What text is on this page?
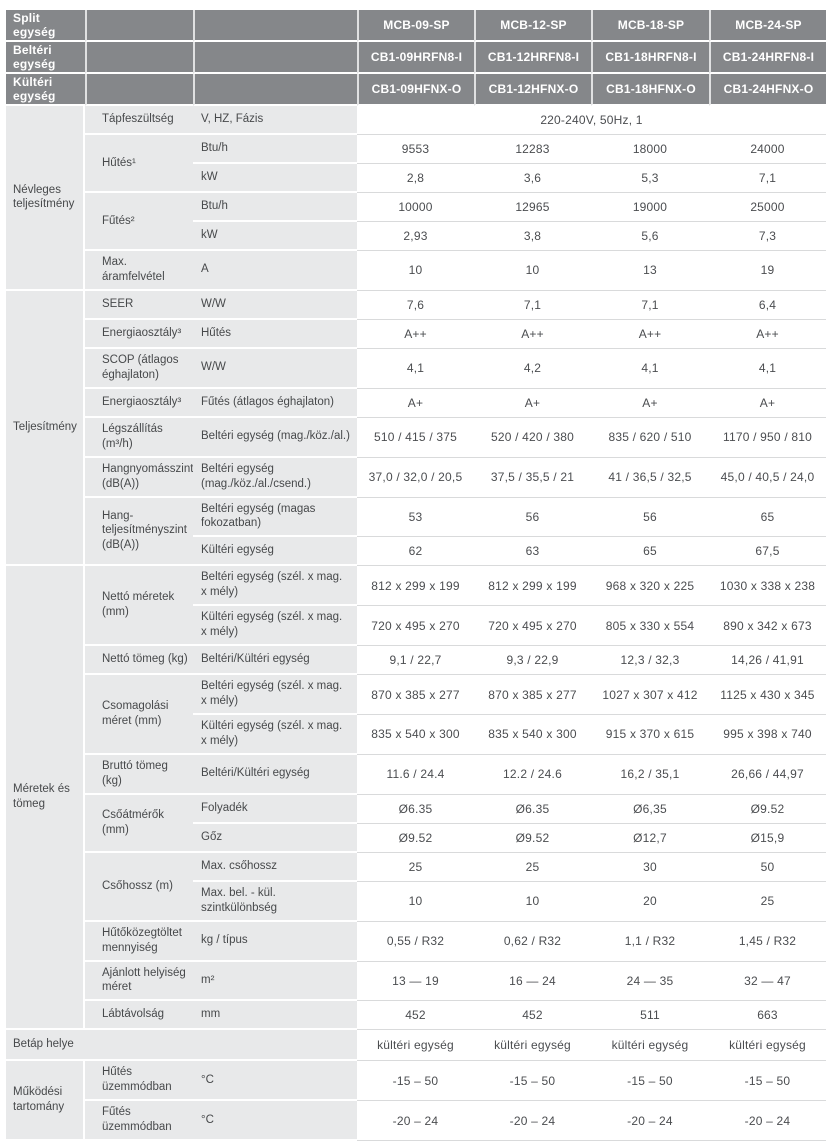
Split egység			MCB-09-SP	MCB-12-SP	MCB-18-SP	MCB-24-SP
Beltéri egység			CB1-09HRFN8-I	CB1-12HRFN8-I	CB1-18HRFN8-I	CB1-24HRFN8-I
Kültéri egység			CB1-09HFNX-O	CB1-12HFNX-O	CB1-18HFNX-O	CB1-24HFNX-O
Névleges teljesítmény	Tápfeszültség	V, HZ, Fázis	220-240V, 50Hz, 1			
	Hűtés¹	Btu/h	9553	12283	18000	24000
		kW	2,8	3,6	5,3	7,1
	Fűtés²	Btu/h	10000	12965	19000	25000
		kW	2,93	3,8	5,6	7,3
	Max. áramfelvétel	A	10	10	13	19
Teljesítmény	SEER	W/W	7,6	7,1	7,1	6,4
	Energiaosztály³	Hűtés	A++	A++	A++	A++
	SCOP (átlagos éghajlaton)	W/W	4,1	4,2	4,1	4,1
	Energiaosztály³	Fűtés (átlagos éghajlaton)	A+	A+	A+	A+
	Légszállítás (m³/h)	Beltéri egység (mag./köz./al.)	510 / 415 / 375	520 / 420 / 380	835 / 620 / 510	1170 / 950 / 810
	Hangnyomásszint (dB(A))	Beltéri egység (mag./köz./al./csend.)	37,0 / 32,0 / 20,5	37,5 / 35,5 / 21	41 / 36,5 / 32,5	45,0 / 40,5 / 24,0
	Hang-teljesítményszint (dB(A))	Beltéri egység (magas fokozatban)	53	56	56	65
		Kültéri egység	62	63	65	67,5
Méretek és tömeg	Nettó méretek (mm)	Beltéri egység (szél. x mag. x mély)	812 x 299 x 199	812 x 299 x 199	968 x 320 x 225	1030 x 338 x 238
		Kültéri egység (szél. x mag. x mély)	720 x 495 x 270	720 x 495 x 270	805 x 330 x 554	890 x 342 x 673
	Nettó tömeg (kg)	Beltéri/Kültéri egység	9,1 / 22,7	9,3 / 22,9	12,3 / 32,3	14,26 / 41,91
	Csomagolási méret (mm)	Beltéri egység (szél. x mag. x mély)	870 x 385 x 277	870 x 385 x 277	1027 x 307 x 412	1125 x 430 x 345
		Kültéri egység (szél. x mag. x mély)	835 x 540 x 300	835 x 540 x 300	915 x 370 x 615	995 x 398 x 740
	Bruttó tömeg (kg)	Beltéri/Kültéri egység	11.6 / 24.4	12.2 / 24.6	16,2 / 35,1	26,66 / 44,97
	Csőátmérők (mm)	Folyadék	Ø6.35	Ø6.35	Ø6,35	Ø9.52
		Gőz	Ø9.52	Ø9.52	Ø12,7	Ø15,9
	Csőhossz (m)	Max. csőhossz	25	25	30	50
		Max. bel. - kül. szintkülönbség	10	10	20	25
	Hűtőközegtöltet mennyiség	kg / típus	0,55 / R32	0,62 / R32	1,1 / R32	1,45 / R32
	Ajánlott helyiség méret	m²	13 — 19	16 — 24	24 — 35	32 — 47
	Lábtávolság	mm	452	452	511	663
Betáp helye			kültéri egység	kültéri egység	kültéri egység	kültéri egység
Működési tartomány	Hűtés üzemmódban	°C	-15 – 50	-15 – 50	-15 – 50	-15 – 50
	Fűtés üzemmódban	°C	-20 – 24	-20 – 24	-20 – 24	-20 – 24
